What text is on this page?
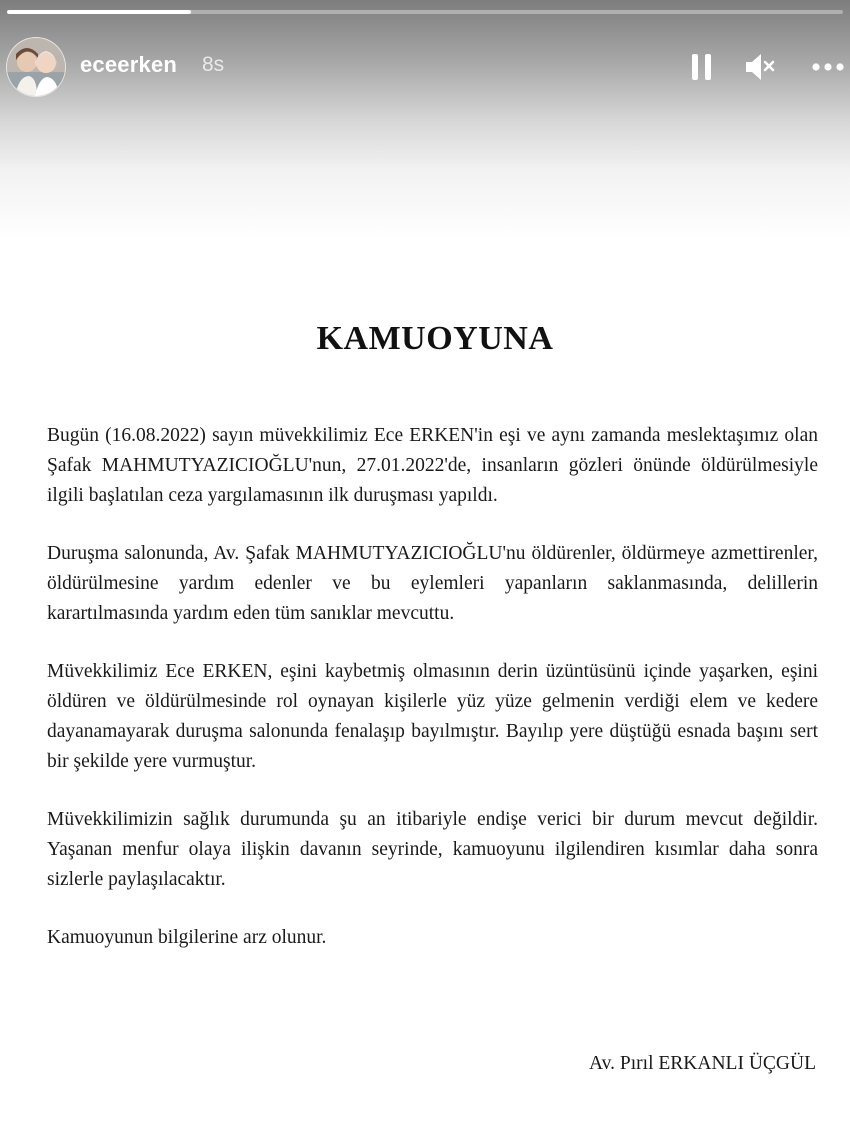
eceerken 8s
KAMUOYUNA

Bugün (16.08.2022) sayın müvekkilimiz Ece ERKEN'in eşi ve aynı zamanda meslektaşımız olan Şafak MAHMUTYAZICIOĞLU'nun, 27.01.2022'de, insanların gözleri önünde öldürülmesiyle ilgili başlatılan ceza yargılamasının ilk duruşması yapıldı.

Duruşma salonunda, Av. Şafak MAHMUTYAZICIOĞLU'nu öldürenler, öldürmeye azmettirenler, öldürülmesine yardım edenler ve bu eylemleri yapanların saklanmasında, delillerin karartılmasında yardım eden tüm sanıklar mevcuttu.

Müvekkilimiz Ece ERKEN, eşini kaybetmiş olmasının derin üzüntüsünü içinde yaşarken, eşini öldüren ve öldürülmesinde rol oynayan kişilerle yüz yüze gelmenin verdiği elem ve kedere dayanamayarak duruşma salonunda fenalaşıp bayılmıştır. Bayılıp yere düştüğü esnada başını sert bir şekilde yere vurmuştur.

Müvekkilimizin sağlık durumunda şu an itibariyle endişe verici bir durum mevcut değildir. Yaşanan menfur olaya ilişkin davanın seyrinde, kamuoyunu ilgilendiren kısımlar daha sonra sizlerle paylaşılacaktır.

Kamuoyunun bilgilerine arz olunur.

Av. Pırıl ERKANLI ÜÇGÜL
